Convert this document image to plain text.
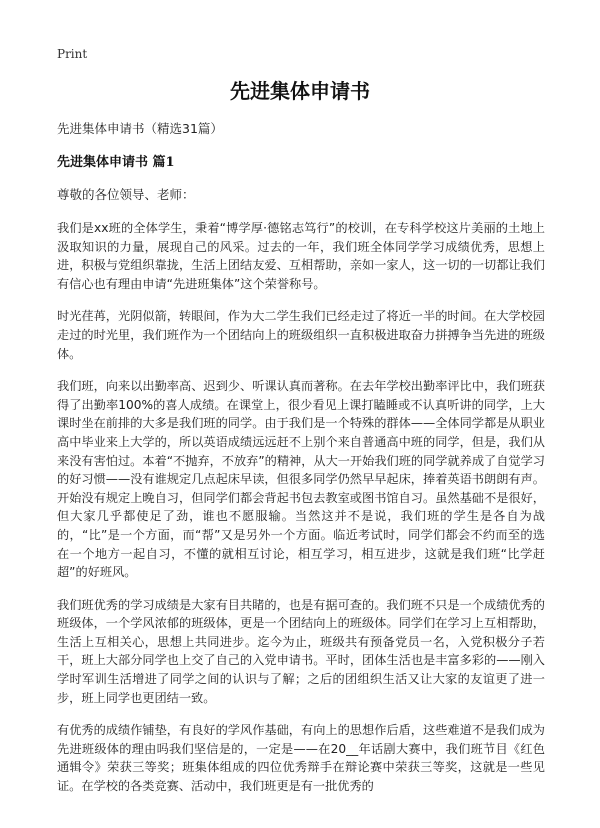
Print
先进集体申请书

先进集体申请书（精选31篇）

先进集体申请书 篇1

尊敬的各位领导、老师：

我们是xx班的全体学生，秉着“博学厚·德铭志笃行”的校训，在专科学校这片美丽的土地上汲取知识的力量，展现自己的风采。过去的一年，我们班全体同学学习成绩优秀，思想上进，积极与党组织靠拢，生活上团结友爱、互相帮助，亲如一家人，这一切的一切都让我们有信心也有理由申请“先进班集体”这个荣誉称号。

时光荏苒，光阴似箭，转眼间，作为大二学生我们已经走过了将近一半的时间。在大学校园走过的时光里，我们班作为一个团结向上的班级组织一直积极进取奋力拼搏争当先进的班级体。

我们班，向来以出勤率高、迟到少、听课认真而著称。在去年学校出勤率评比中，我们班获得了出勤率100%的喜人成绩。在课堂上，很少看见上课打瞌睡或不认真听讲的同学，上大课时坐在前排的大多是我们班的同学。由于我们是一个特殊的群体——全体同学都是从职业高中毕业来上大学的，所以英语成绩远远赶不上别个来自普通高中班的同学，但是，我们从来没有害怕过。本着“不抛弃，不放弃”的精神，从大一开始我们班的同学就养成了自觉学习的好习惯——没有谁规定几点起床早读，但很多同学仍然早早起床，捧着英语书朗朗有声。开始没有规定上晚自习，但同学们都会背起书包去教室或图书馆自习。虽然基础不是很好，但大家几乎都使足了劲，谁也不愿服输。当然这并不是说，我们班的学生是各自为战的，“比”是一个方面，而“帮”又是另外一个方面。临近考试时，同学们都会不约而至的选在一个地方一起自习，不懂的就相互讨论，相互学习，相互进步，这就是我们班“比学赶超”的好班风。

我们班优秀的学习成绩是大家有目共睹的，也是有据可查的。我们班不只是一个成绩优秀的班级体，一个学风浓郁的班级体，更是一个团结向上的班级体。同学们在学习上互相帮助，生活上互相关心，思想上共同进步。迄今为止，班级共有预备党员一名，入党积极分子若干，班上大部分同学也上交了自己的入党申请书。平时，团体生活也是丰富多彩的——刚入学时军训生活增进了同学之间的认识与了解；之后的团组织生活又让大家的友谊更了进一步，班上同学也更团结一致。

有优秀的成绩作铺垫，有良好的学风作基础，有向上的思想作后盾，这些难道不是我们成为先进班级体的理由吗我们坚信是的，一定是——在20__年话剧大赛中，我们班节目《红色通辑令》荣获三等奖；班集体组成的四位优秀辩手在辩论赛中荣获三等奖，这就是一些见证。在学校的各类竞赛、活动中，我们班更是有一批优秀的
